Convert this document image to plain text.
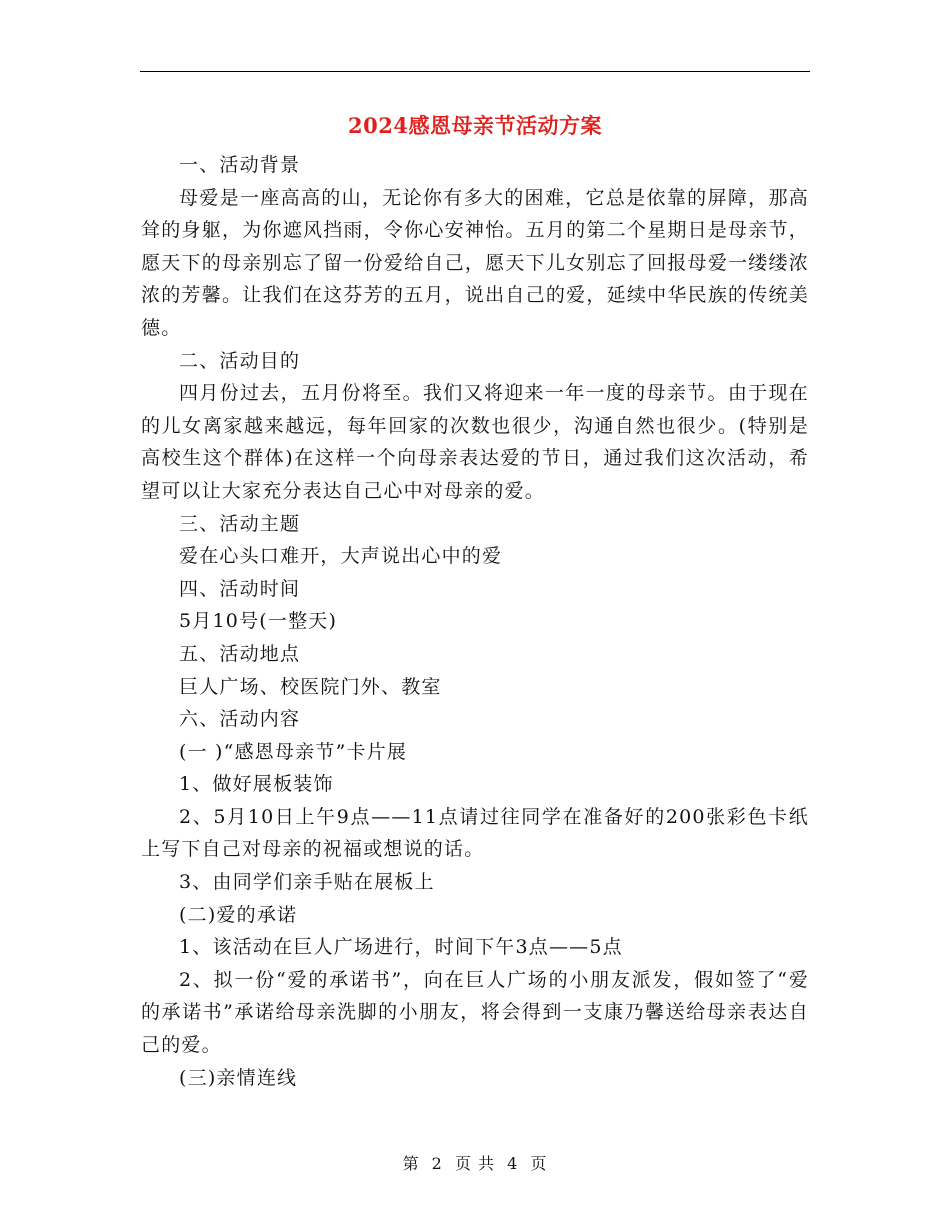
2024感恩母亲节活动方案

一、活动背景

母爱是一座高高的山，无论你有多大的困难，它总是依靠的屏障，那高耸的身躯，为你遮风挡雨，令你心安神怡。五月的第二个星期日是母亲节，愿天下的母亲别忘了留一份爱给自己，愿天下儿女别忘了回报母爱一缕缕浓浓的芳馨。让我们在这芬芳的五月，说出自己的爱，延续中华民族的传统美德。

二、活动目的

四月份过去，五月份将至。我们又将迎来一年一度的母亲节。由于现在的儿女离家越来越远，每年回家的次数也很少，沟通自然也很少。(特别是高校生这个群体)在这样一个向母亲表达爱的节日，通过我们这次活动，希望可以让大家充分表达自己心中对母亲的爱。

三、活动主题

爱在心头口难开，大声说出心中的爱

四、活动时间

5月10号(一整天)

五、活动地点

巨人广场、校医院门外、教室

六、活动内容

(一 )“感恩母亲节”卡片展

1、做好展板装饰

2、5月10日上午9点——11点请过往同学在准备好的200张彩色卡纸上写下自己对母亲的祝福或想说的话。

3、由同学们亲手贴在展板上

(二)爱的承诺

1、该活动在巨人广场进行，时间下午3点——5点

2、拟一份“爱的承诺书”，向在巨人广场的小朋友派发，假如签了“爱的承诺书”承诺给母亲洗脚的小朋友，将会得到一支康乃馨送给母亲表达自己的爱。

(三)亲情连线

第 2 页 共 4 页
